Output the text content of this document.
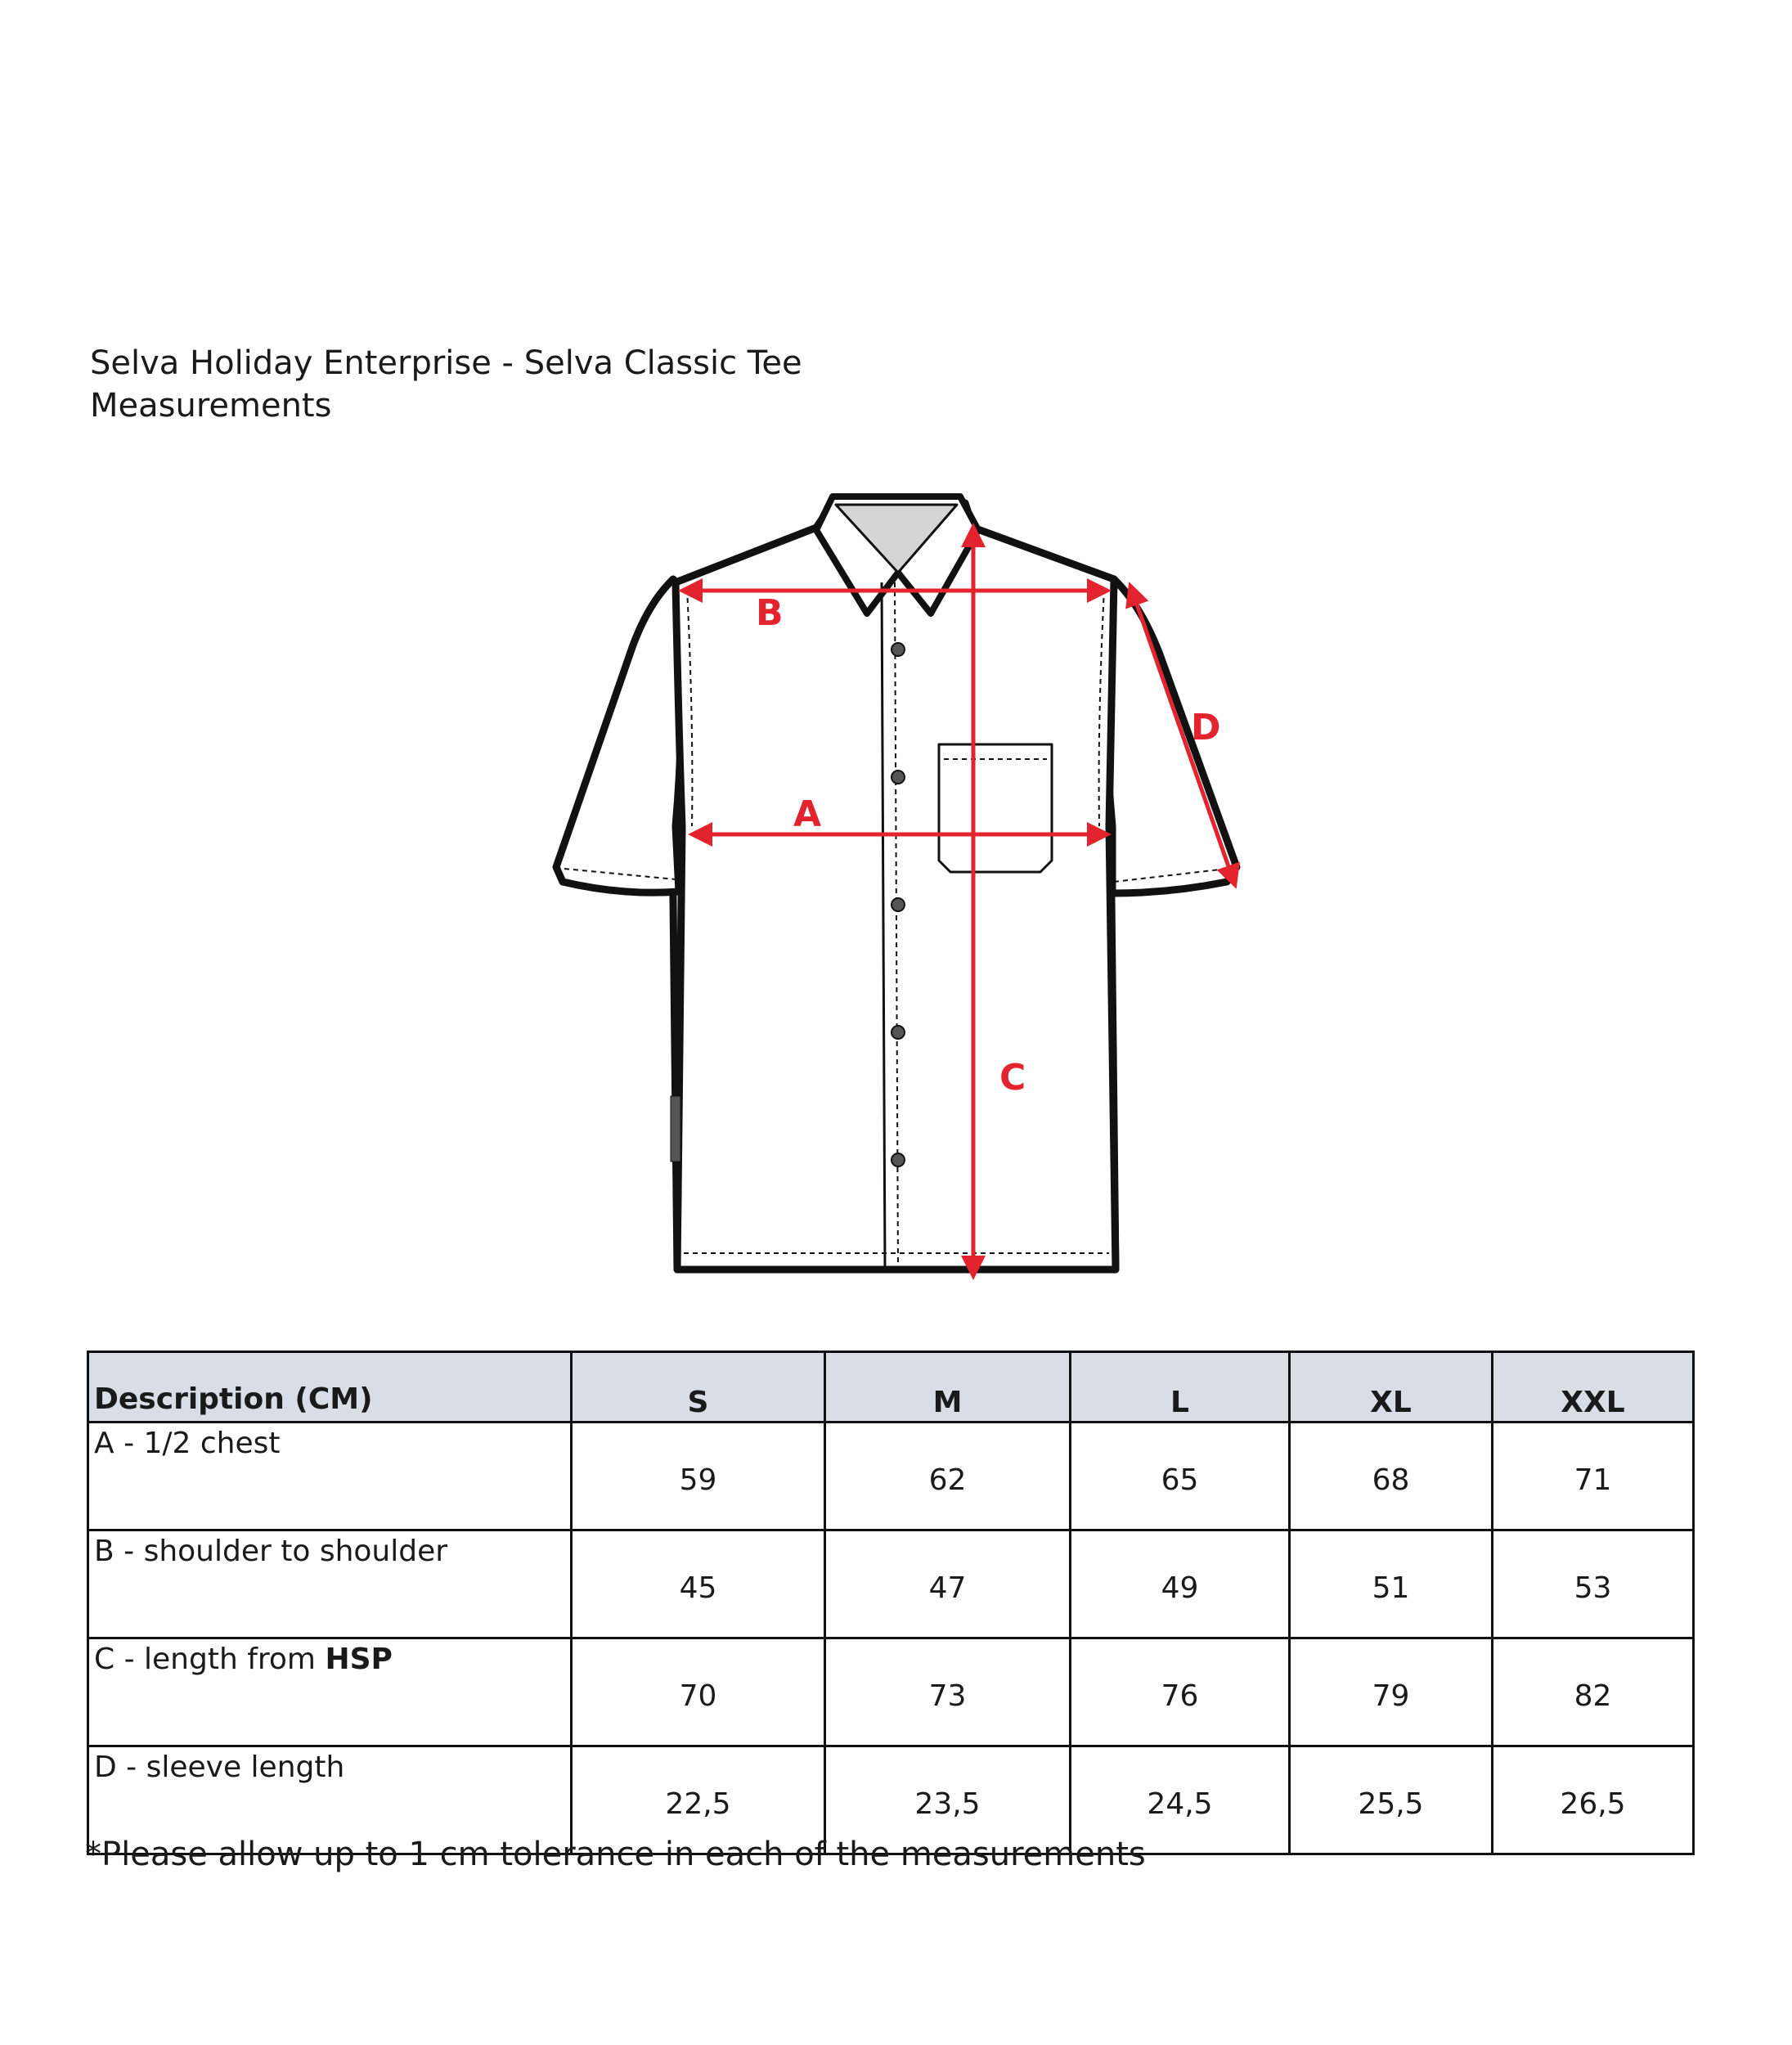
Selva Holiday Enterprise - Selva Classic Tee
Measurements
B
A
C
D
Description (CM)	S	M	L	XL	XXL
A - 1/2 chest	59	62	65	68	71
B - shoulder to shoulder	45	47	49	51	53
C - length from HSP	70	73	76	79	82
D - sleeve length	22,5	23,5	24,5	25,5	26,5
*Please allow up to 1 cm tolerance in each of the measurements
